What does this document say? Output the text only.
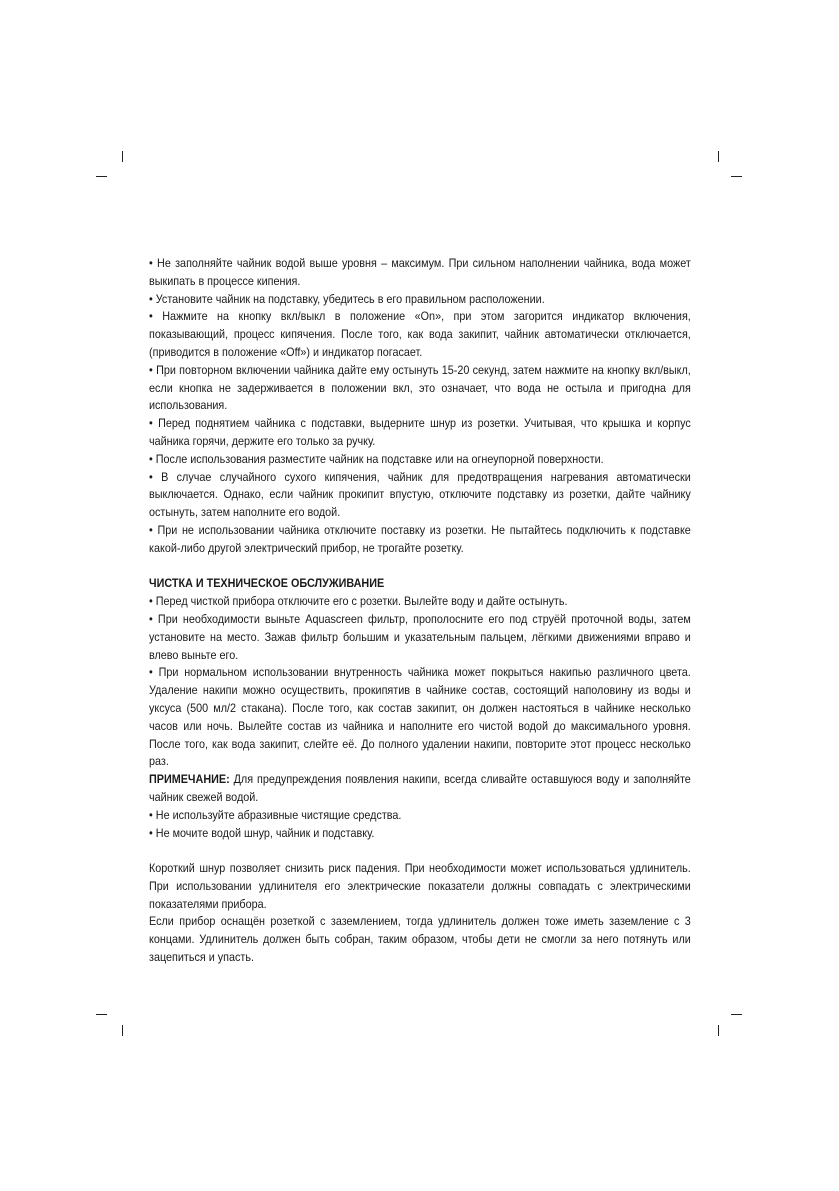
• Не заполняйте чайник водой выше уровня – максимум. При сильном наполнении чайника, вода может выкипать в процессе кипения.

• Установите чайник на подставку, убедитесь в его правильном расположении.

• Нажмите на кнопку вкл/выкл в положение «On», при этом загорится индикатор включения, показывающий, процесс кипячения. После того, как вода закипит, чайник автоматически отключается, (приводится в положение «Off») и индикатор погасает.

• При повторном включении чайника дайте ему остынуть 15-20 секунд, затем нажмите на кнопку вкл/выкл, если кнопка не задерживается в положении вкл, это означает, что вода не остыла и пригодна для использования.

• Перед поднятием чайника с подставки, выдерните шнур из розетки. Учитывая, что крышка и корпус чайника горячи, держите его только за ручку.

• После использования разместите чайник на подставке или на огнеупорной поверхности.

• В случае случайного сухого кипячения, чайник для предотвращения нагревания автоматически выключается. Однако, если чайник прокипит впустую, отключите подставку из розетки, дайте чайнику остынуть, затем наполните его водой.

• При не использовании чайника отключите поставку из розетки. Не пытайтесь подключить к подставке какой-либо другой электрический прибор, не трогайте розетку.

ЧИСТКА И ТЕХНИЧЕСКОЕ ОБСЛУЖИВАНИЕ

• Перед чисткой прибора отключите его с розетки. Вылейте воду и дайте остынуть.

• При необходимости выньте Aquascreen фильтр, прополосните его под струёй проточной воды, затем установите на место. Зажав фильтр большим и указательным пальцем, лёгкими движениями вправо и влево выньте его.

• При нормальном использовании внутренность чайника может покрыться накипью различного цвета. Удаление накипи можно осуществить, прокипятив в чайнике состав, состоящий наполовину из воды и уксуса (500 мл/2 стакана). После того, как состав закипит, он должен настояться в чайнике несколько часов или ночь. Вылейте состав из чайника и наполните его чистой водой до максимального уровня. После того, как вода закипит, слейте её. До полного удалении накипи, повторите этот процесс несколько раз.

ПРИМЕЧАНИЕ: Для предупреждения появления накипи, всегда сливайте оставшуюся воду и заполняйте чайник свежей водой.

• Не используйте абразивные чистящие средства.

• Не мочите водой шнур, чайник и подставку.

Короткий шнур позволяет снизить риск падения. При необходимости может использоваться удлинитель. При использовании удлинителя его электрические показатели должны совпадать с электрическими показателями прибора.

Если прибор оснащён розеткой с заземлением, тогда удлинитель должен тоже иметь заземление с 3 концами. Удлинитель должен быть собран, таким образом, чтобы дети не смогли за него потянуть или зацепиться и упасть.
